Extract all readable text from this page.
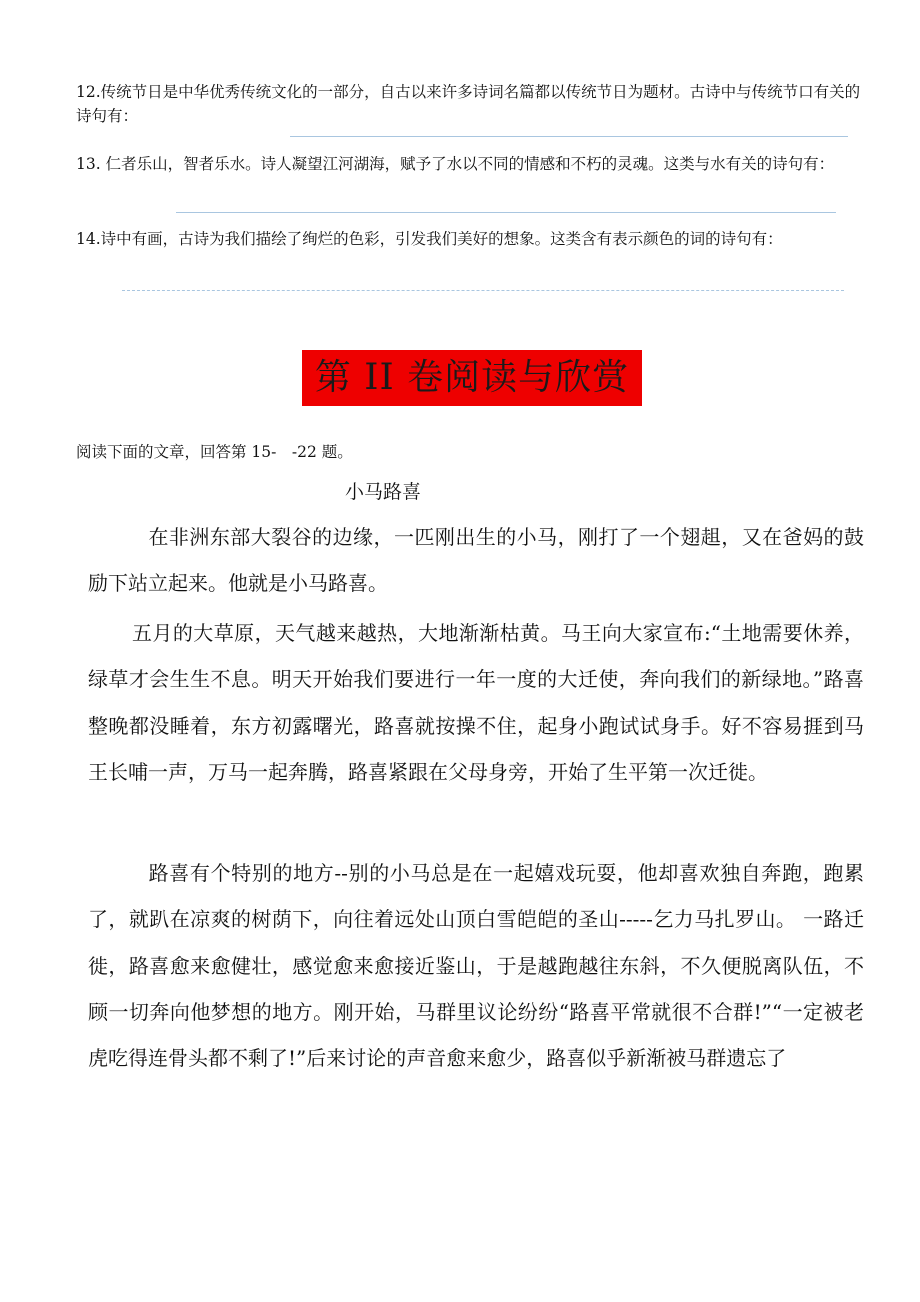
12.传统节日是中华优秀传统文化的一部分，自古以来许多诗词名篇都以传统节日为题材。古诗中与传统节口有关的诗句有：
13. 仁者乐山，智者乐水。诗人凝望江河湖海，赋予了水以不同的情感和不朽的灵魂。这类与水有关的诗句有：
14.诗中有画，古诗为我们描绘了绚烂的色彩，引发我们美好的想象。这类含有表示颜色的词的诗句有：
第 II 卷阅读与欣赏
阅读下面的文章，回答第 15-　-22 题。
小马路喜
　在非洲东部大裂谷的边缘，一匹刚出生的小马，刚打了一个翅趄，又在爸妈的鼓励下站立起来。他就是小马路喜。
五月的大草原，天气越来越热，大地渐渐枯黄。马王向大家宣布:“土地需要休养，绿草才会生生不息。明天开始我们要进行一年一度的大迁使，奔向我们的新绿地。”路喜整晚都没睡着，东方初露曙光，路喜就按操不住，起身小跑试试身手。好不容易捱到马王长哺一声，万马一起奔腾，路喜紧跟在父母身旁，开始了生平第一次迁徙。
　路喜有个特别的地方--别的小马总是在一起嬉戏玩耍，他却喜欢独自奔跑，跑累了，就趴在凉爽的树荫下，向往着远处山顶白雪皑皑的圣山-----乞力马扎罗山。 一路迁徙，路喜愈来愈健壮，感觉愈来愈接近鉴山，于是越跑越往东斜，不久便脱离队伍，不顾一切奔向他梦想的地方。刚开始，马群里议论纷纷“路喜平常就很不合群!”“一定被老虎吃得连骨头都不剩了!”后来讨论的声音愈来愈少，路喜似乎新渐被马群遗忘了
